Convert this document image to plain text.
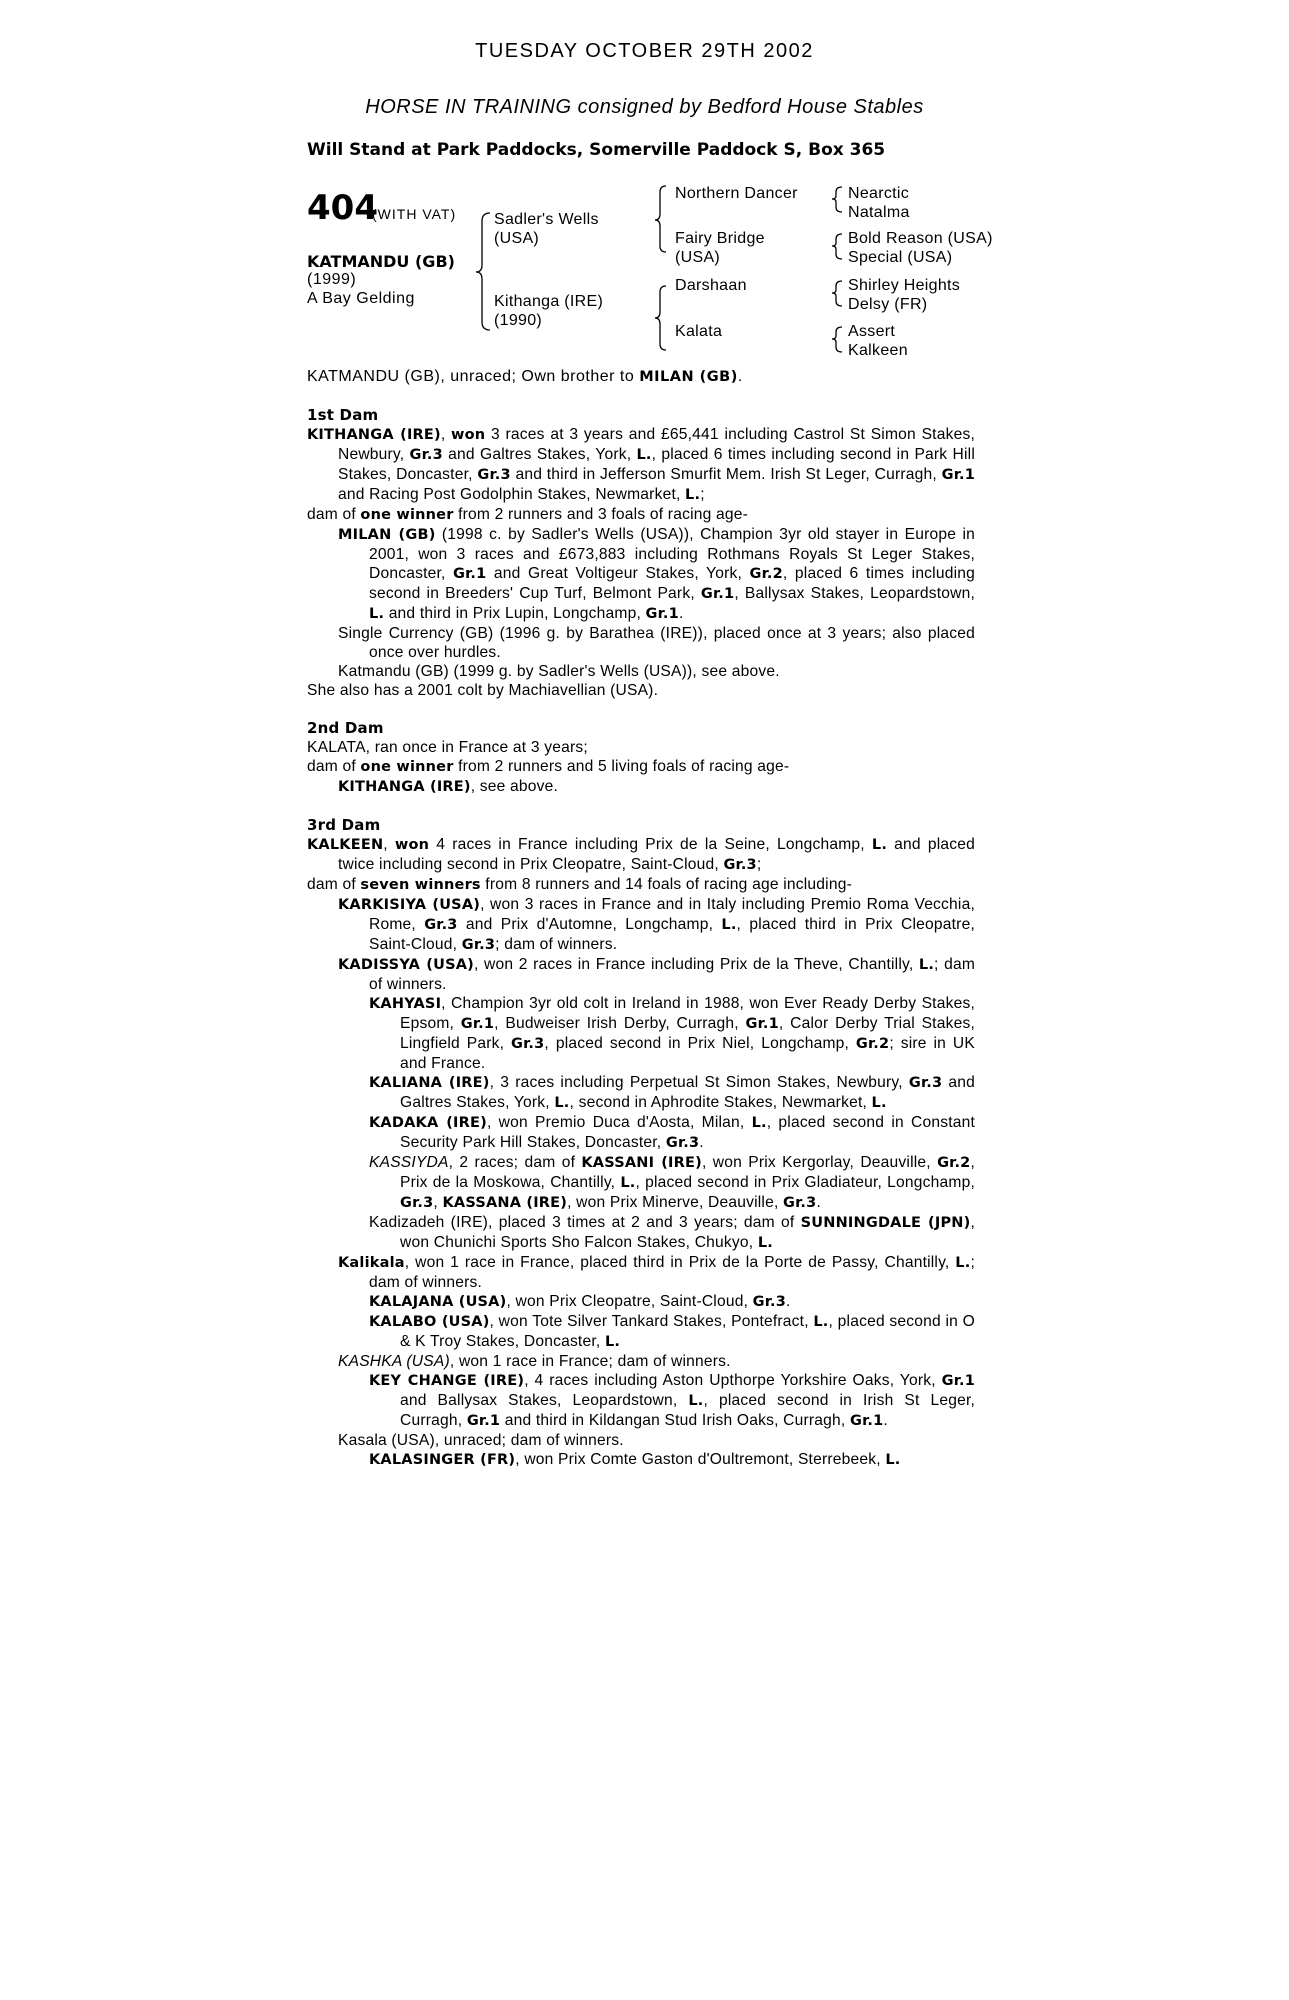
TUESDAY OCTOBER 29TH 2002
HORSE IN TRAINING consigned by Bedford House Stables
Will Stand at Park Paddocks, Somerville Paddock S, Box 365
404
(WITH VAT)
KATMANDU (GB)
(1999)
A Bay Gelding
Sadler's Wells
(USA)
Kithanga (IRE)
(1990)
Northern Dancer
Fairy Bridge
(USA)
Darshaan
Kalata
Nearctic
Natalma
Bold Reason (USA)
Special (USA)
Shirley Heights
Delsy (FR)
Assert
Kalkeen
KATMANDU (GB), unraced; Own brother to MILAN (GB).
1st Dam
KITHANGA (IRE), won 3 races at 3 years and £65,441 including Castrol St Simon Stakes, Newbury, Gr.3 and Galtres Stakes, York, L., placed 6 times including second in Park Hill Stakes, Doncaster, Gr.3 and third in Jefferson Smurfit Mem. Irish St Leger, Curragh, Gr.1 and Racing Post Godolphin Stakes, Newmarket, L.;
dam of one winner from 2 runners and 3 foals of racing age-
MILAN (GB) (1998 c. by Sadler's Wells (USA)), Champion 3yr old stayer in Europe in 2001, won 3 races and £673,883 including Rothmans Royals St Leger Stakes, Doncaster, Gr.1 and Great Voltigeur Stakes, York, Gr.2, placed 6 times including second in Breeders' Cup Turf, Belmont Park, Gr.1, Ballysax Stakes, Leopardstown, L. and third in Prix Lupin, Longchamp, Gr.1.
Single Currency (GB) (1996 g. by Barathea (IRE)), placed once at 3 years; also placed once over hurdles.
Katmandu (GB) (1999 g. by Sadler's Wells (USA)), see above.
She also has a 2001 colt by Machiavellian (USA).
2nd Dam
KALATA, ran once in France at 3 years;
dam of one winner from 2 runners and 5 living foals of racing age-
KITHANGA (IRE), see above.
3rd Dam
KALKEEN, won 4 races in France including Prix de la Seine, Longchamp, L. and placed twice including second in Prix Cleopatre, Saint-Cloud, Gr.3;
dam of seven winners from 8 runners and 14 foals of racing age including-
KARKISIYA (USA), won 3 races in France and in Italy including Premio Roma Vecchia, Rome, Gr.3 and Prix d'Automne, Longchamp, L., placed third in Prix Cleopatre, Saint-Cloud, Gr.3; dam of winners.
KADISSYA (USA), won 2 races in France including Prix de la Theve, Chantilly, L.; dam of winners.
KAHYASI, Champion 3yr old colt in Ireland in 1988, won Ever Ready Derby Stakes, Epsom, Gr.1, Budweiser Irish Derby, Curragh, Gr.1, Calor Derby Trial Stakes, Lingfield Park, Gr.3, placed second in Prix Niel, Longchamp, Gr.2; sire in UK and France.
KALIANA (IRE), 3 races including Perpetual St Simon Stakes, Newbury, Gr.3 and Galtres Stakes, York, L., second in Aphrodite Stakes, Newmarket, L.
KADAKA (IRE), won Premio Duca d'Aosta, Milan, L., placed second in Constant Security Park Hill Stakes, Doncaster, Gr.3.
KASSIYDA, 2 races; dam of KASSANI (IRE), won Prix Kergorlay, Deauville, Gr.2, Prix de la Moskowa, Chantilly, L., placed second in Prix Gladiateur, Longchamp, Gr.3, KASSANA (IRE), won Prix Minerve, Deauville, Gr.3.
Kadizadeh (IRE), placed 3 times at 2 and 3 years; dam of SUNNINGDALE (JPN), won Chunichi Sports Sho Falcon Stakes, Chukyo, L.
Kalikala, won 1 race in France, placed third in Prix de la Porte de Passy, Chantilly, L.; dam of winners.
KALAJANA (USA), won Prix Cleopatre, Saint-Cloud, Gr.3.
KALABO (USA), won Tote Silver Tankard Stakes, Pontefract, L., placed second in O & K Troy Stakes, Doncaster, L.
KASHKA (USA), won 1 race in France; dam of winners.
KEY CHANGE (IRE), 4 races including Aston Upthorpe Yorkshire Oaks, York, Gr.1 and Ballysax Stakes, Leopardstown, L., placed second in Irish St Leger, Curragh, Gr.1 and third in Kildangan Stud Irish Oaks, Curragh, Gr.1.
Kasala (USA), unraced; dam of winners.
KALASINGER (FR), won Prix Comte Gaston d'Oultremont, Sterrebeek, L.
